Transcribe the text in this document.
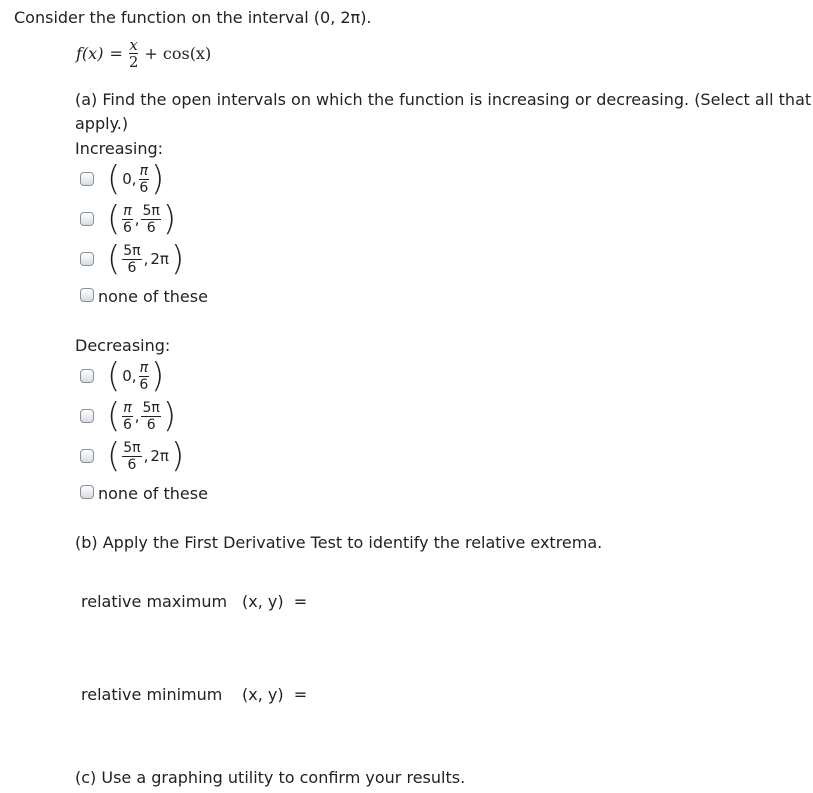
Consider the function on the interval (0, 2π).
$f(x) = \frac{x}{2} + \cos(x)$
(a) Find the open intervals on which the function is increasing or decreasing. (Select all that
apply.)
Increasing:
( 0, $\frac{\pi}{6}$ )
( $\frac{\pi}{6}$ , $\frac{5\pi}{6}$ )
( $\frac{5\pi}{6}$ , 2π )
none of these
Decreasing:
( 0, $\frac{\pi}{6}$ )
( $\frac{\pi}{6}$ , $\frac{5\pi}{6}$ )
( $\frac{5\pi}{6}$ , 2π )
none of these
(b) Apply the First Derivative Test to identify the relative extrema.
relative maximum (x, y) =
relative minimum (x, y) =
(c) Use a graphing utility to confirm your results.
